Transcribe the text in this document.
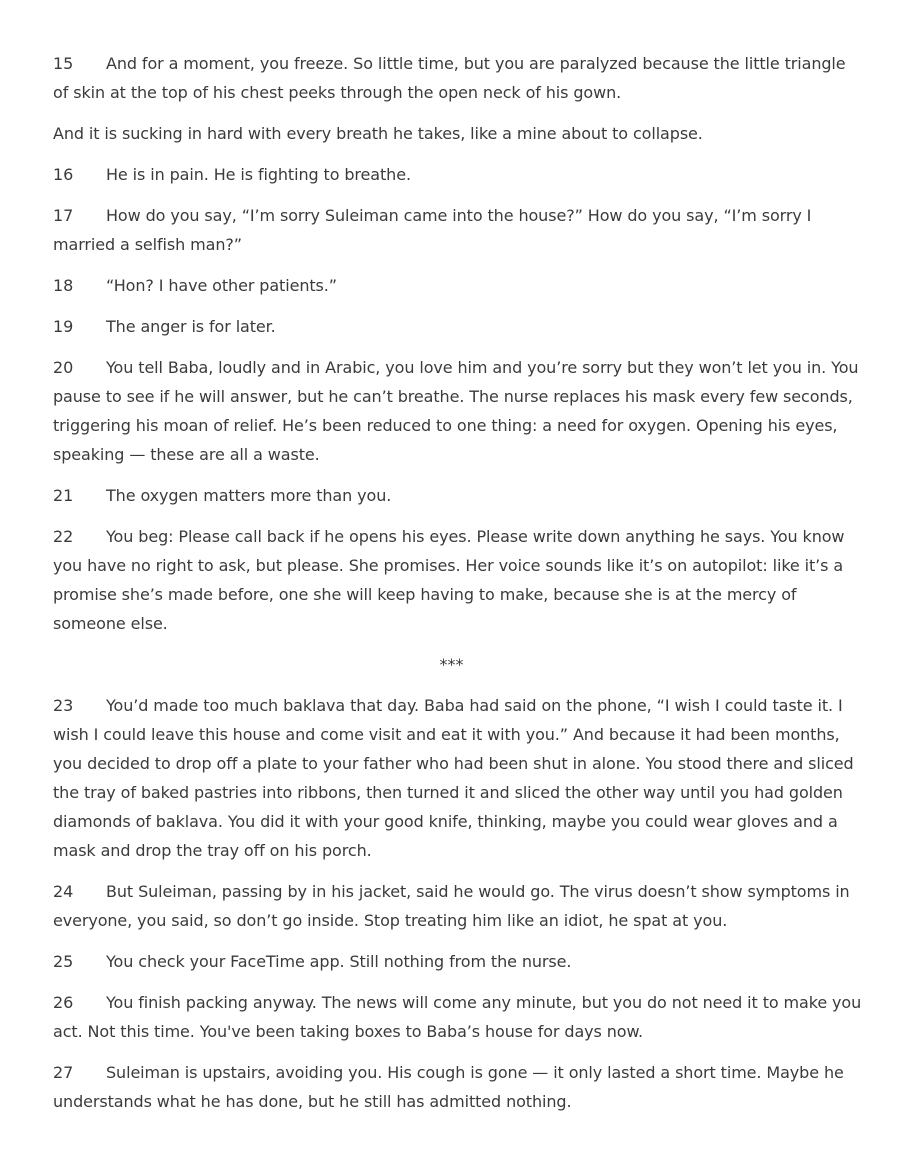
15 And for a moment, you freeze. So little time, but you are paralyzed because the little triangle of skin at the top of his chest peeks through the open neck of his gown.

And it is sucking in hard with every breath he takes, like a mine about to collapse.

16 He is in pain. He is fighting to breathe.

17 How do you say, “I’m sorry Suleiman came into the house?” How do you say, “I’m sorry I married a selfish man?”

18 “Hon? I have other patients.”

19 The anger is for later.

20 You tell Baba, loudly and in Arabic, you love him and you’re sorry but they won’t let you in. You pause to see if he will answer, but he can’t breathe. The nurse replaces his mask every few seconds, triggering his moan of relief. He’s been reduced to one thing: a need for oxygen. Opening his eyes, speaking — these are all a waste.

21 The oxygen matters more than you.

22 You beg: Please call back if he opens his eyes. Please write down anything he says. You know you have no right to ask, but please. She promises. Her voice sounds like it’s on autopilot: like it’s a promise she’s made before, one she will keep having to make, because she is at the mercy of someone else.

***

23 You’d made too much baklava that day. Baba had said on the phone, “I wish I could taste it. I wish I could leave this house and come visit and eat it with you.” And because it had been months, you decided to drop off a plate to your father who had been shut in alone. You stood there and sliced the tray of baked pastries into ribbons, then turned it and sliced the other way until you had golden diamonds of baklava. You did it with your good knife, thinking, maybe you could wear gloves and a mask and drop the tray off on his porch.

24 But Suleiman, passing by in his jacket, said he would go. The virus doesn’t show symptoms in everyone, you said, so don’t go inside. Stop treating him like an idiot, he spat at you.

25 You check your FaceTime app. Still nothing from the nurse.

26 You finish packing anyway. The news will come any minute, but you do not need it to make you act. Not this time. You've been taking boxes to Baba’s house for days now.

27 Suleiman is upstairs, avoiding you. His cough is gone — it only lasted a short time. Maybe he understands what he has done, but he still has admitted nothing.
